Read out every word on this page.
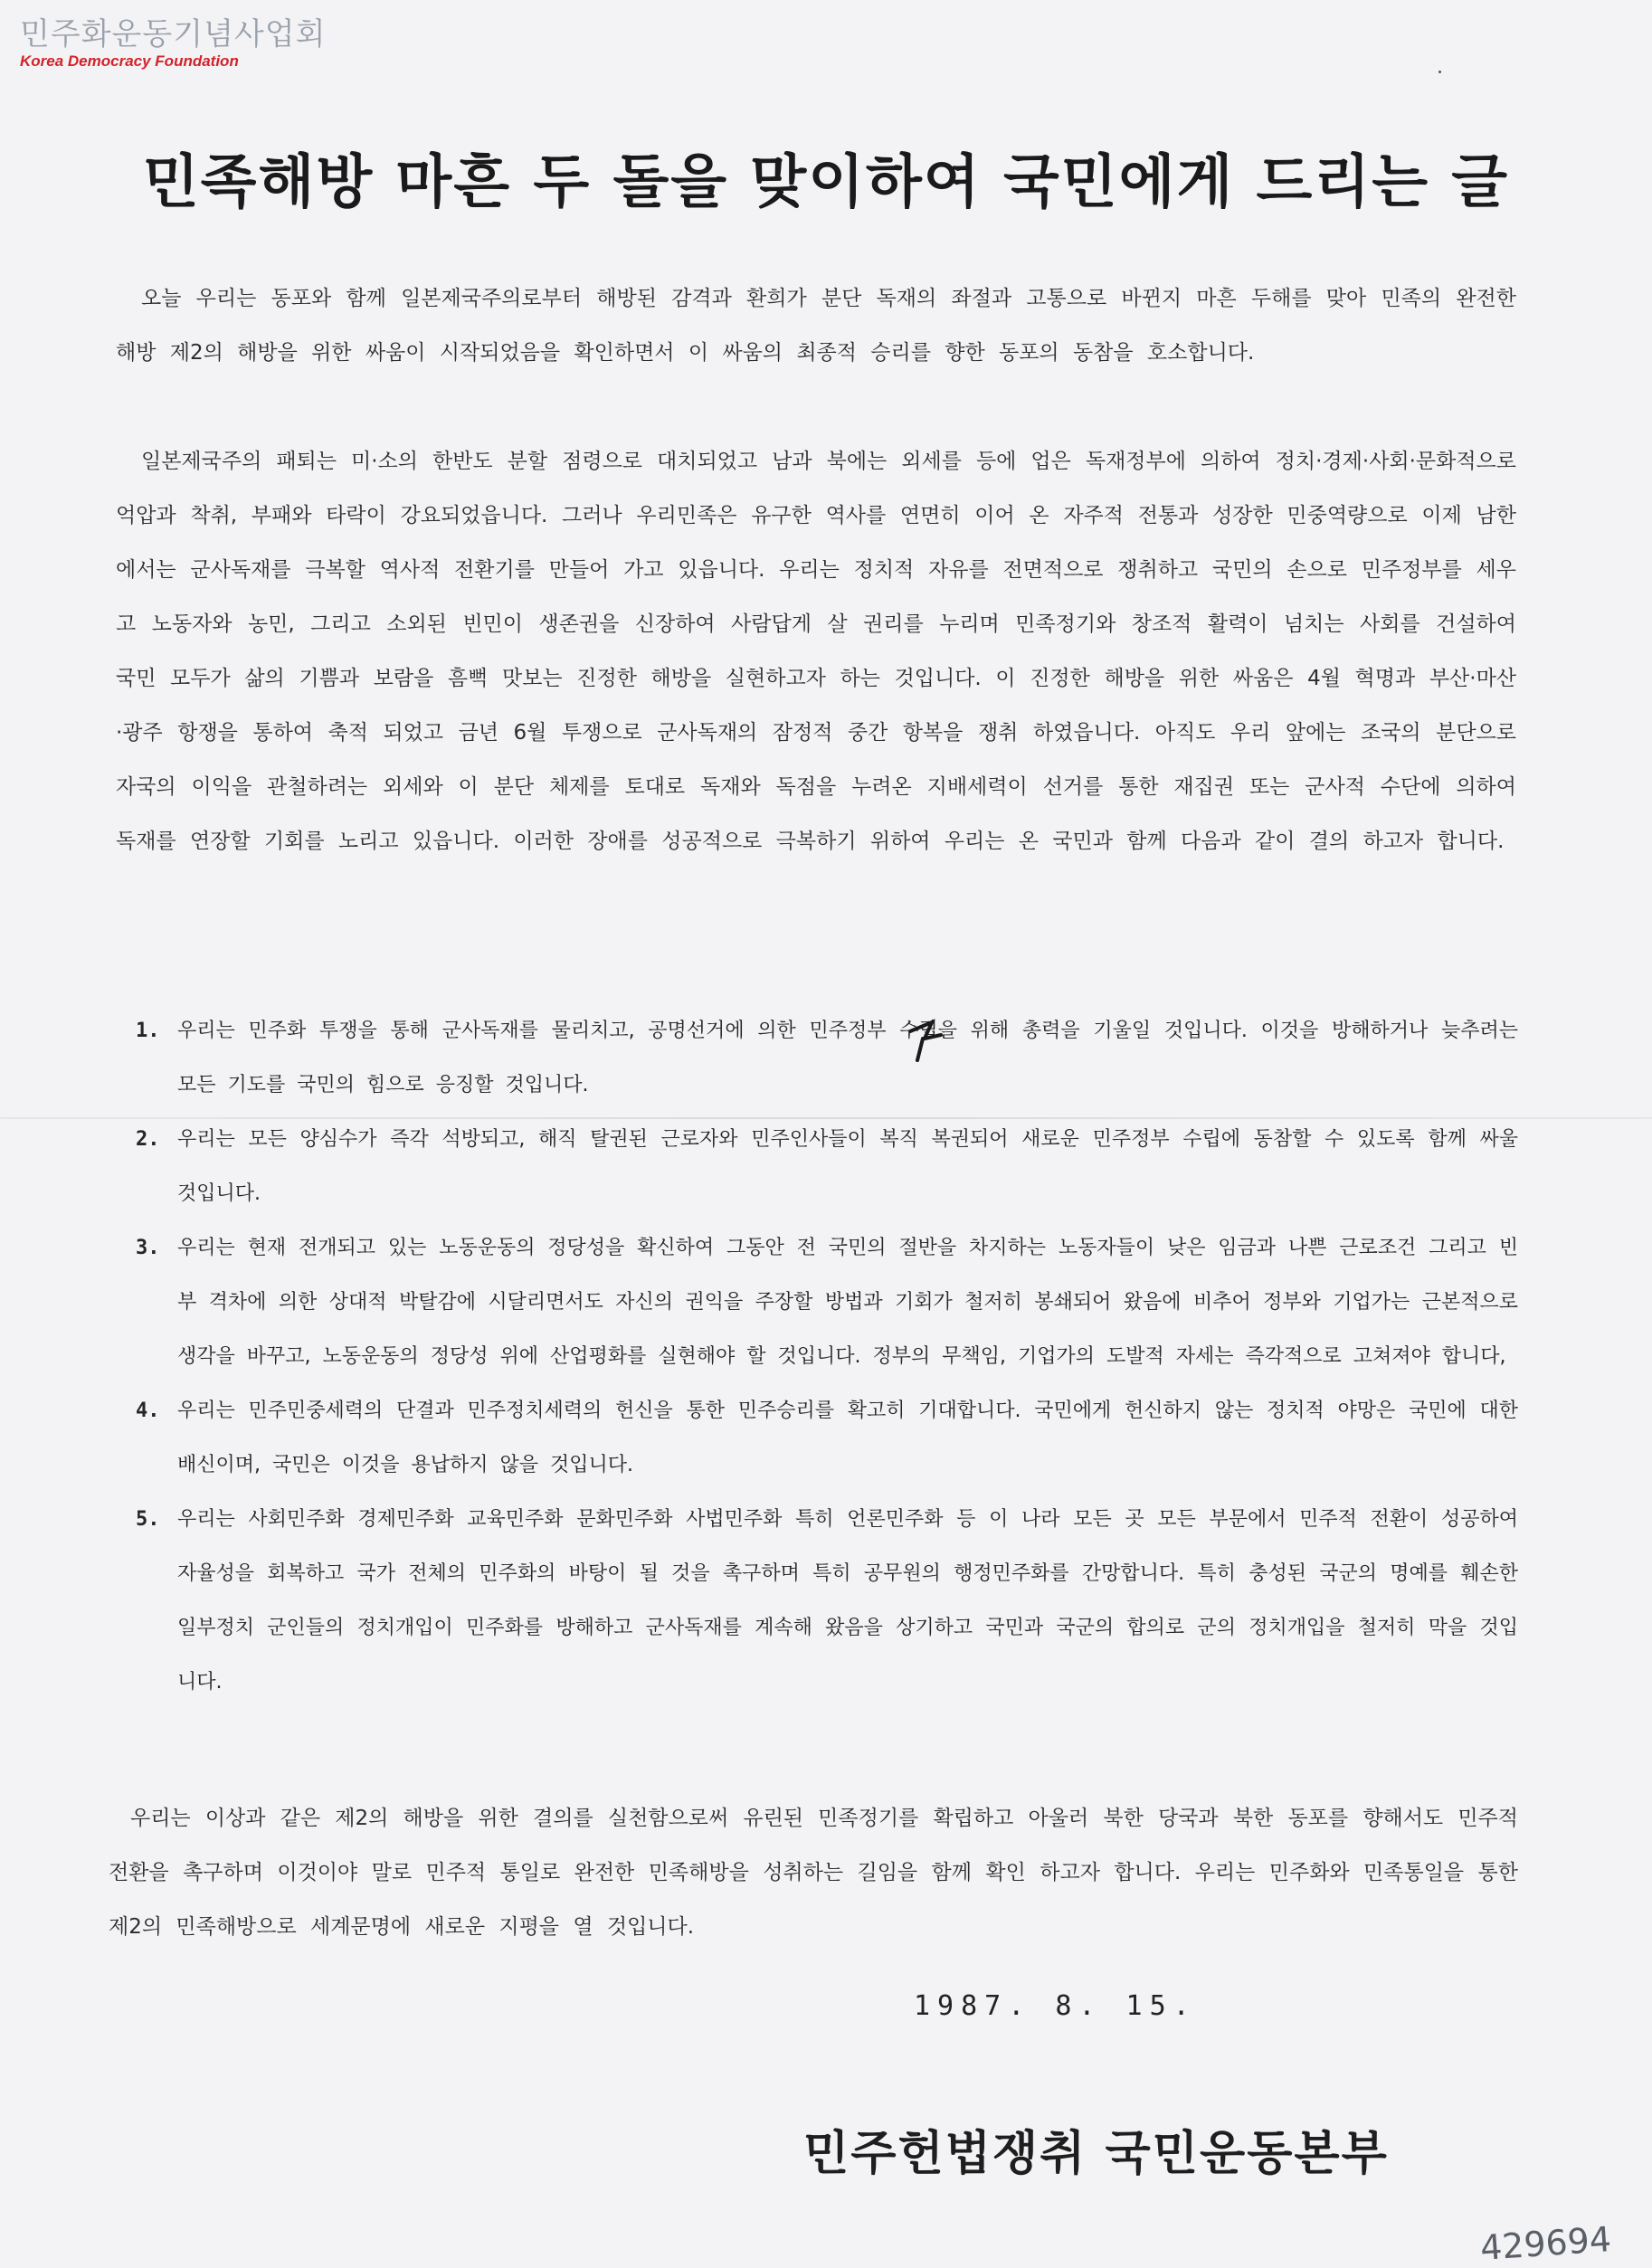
민주화운동기념사업회
Korea Democracy Foundation
민족해방 마흔 두 돌을 맞이하여 국민에게 드리는 글

오늘 우리는 동포와 함께 일본제국주의로부터 해방된 감격과 환희가 분단 독재의 좌절과 고통으로 바뀐지 마흔 두해를 맞아 민족의 완전한 해방 제2의 해방을 위한 싸움이 시작되었음을 확인하면서 이 싸움의 최종적 승리를 향한 동포의 동참을 호소합니다.

일본제국주의 패퇴는 미·소의 한반도 분할 점령으로 대치되었고 남과 북에는 외세를 등에 업은 독재정부에 의하여 정치·경제·사회·문화적으로 억압과 착취, 부패와 타락이 강요되었읍니다. 그러나 우리민족은 유구한 역사를 연면히 이어 온 자주적 전통과 성장한 민중역량으로 이제 남한에서는 군사독재를 극복할 역사적 전환기를 만들어 가고 있읍니다. 우리는 정치적 자유를 전면적으로 쟁취하고 국민의 손으로 민주정부를 세우고 노동자와 농민, 그리고 소외된 빈민이 생존권을 신장하여 사람답게 살 권리를 누리며 민족정기와 창조적 활력이 넘치는 사회를 건설하여 국민 모두가 삶의 기쁨과 보람을 흠뻑 맛보는 진정한 해방을 실현하고자 하는 것입니다. 이 진정한 해방을 위한 싸움은 4월 혁명과 부산·마산·광주 항쟁을 통하여 축적 되었고 금년 6월 투쟁으로 군사독재의 잠정적 중간 항복을 쟁취 하였읍니다. 아직도 우리 앞에는 조국의 분단으로 자국의 이익을 관철하려는 외세와 이 분단 체제를 토대로 독재와 독점을 누려온 지배세력이 선거를 통한 재집권 또는 군사적 수단에 의하여 독재를 연장할 기회를 노리고 있읍니다. 이러한 장애를 성공적으로 극복하기 위하여 우리는 온 국민과 함께 다음과 같이 결의 하고자 합니다.

1. 우리는 민주화 투쟁을 통해 군사독재를 물리치고, 공명선거에 의한 민주정부 수립을 위해 총력을 기울일 것입니다. 이것을 방해하거나 늦추려는 모든 기도를 국민의 힘으로 응징할 것입니다.
2. 우리는 모든 양심수가 즉각 석방되고, 해직 탈권된 근로자와 민주인사들이 복직 복권되어 새로운 민주정부 수립에 동참할 수 있도록 함께 싸울 것입니다.
3. 우리는 현재 전개되고 있는 노동운동의 정당성을 확신하여 그동안 전 국민의 절반을 차지하는 노동자들이 낮은 임금과 나쁜 근로조건 그리고 빈부 격차에 의한 상대적 박탈감에 시달리면서도 자신의 권익을 주장할 방법과 기회가 철저히 봉쇄되어 왔음에 비추어 정부와 기업가는 근본적으로 생각을 바꾸고, 노동운동의 정당성 위에 산업평화를 실현해야 할 것입니다. 정부의 무책임, 기업가의 도발적 자세는 즉각적으로 고쳐져야 합니다,
4. 우리는 민주민중세력의 단결과 민주정치세력의 헌신을 통한 민주승리를 확고히 기대합니다. 국민에게 헌신하지 않는 정치적 야망은 국민에 대한 배신이며, 국민은 이것을 용납하지 않을 것입니다.
5. 우리는 사회민주화 경제민주화 교육민주화 문화민주화 사법민주화 특히 언론민주화 등 이 나라 모든 곳 모든 부문에서 민주적 전환이 성공하여 자율성을 회복하고 국가 전체의 민주화의 바탕이 될 것을 촉구하며 특히 공무원의 행정민주화를 간망합니다. 특히 충성된 국군의 명예를 훼손한 일부정치 군인들의 정치개입이 민주화를 방해하고 군사독재를 계속해 왔음을 상기하고 국민과 국군의 합의로 군의 정치개입을 철저히 막을 것입니다.

우리는 이상과 같은 제2의 해방을 위한 결의를 실천함으로써 유린된 민족정기를 확립하고 아울러 북한 당국과 북한 동포를 향해서도 민주적 전환을 촉구하며 이것이야 말로 민주적 통일로 완전한 민족해방을 성취하는 길임을 함께 확인 하고자 합니다. 우리는 민주화와 민족통일을 통한 제2의 민족해방으로 세계문명에 새로운 지평을 열 것입니다.

1987. 8. 15.
민주헌법쟁취 국민운동본부
429694
